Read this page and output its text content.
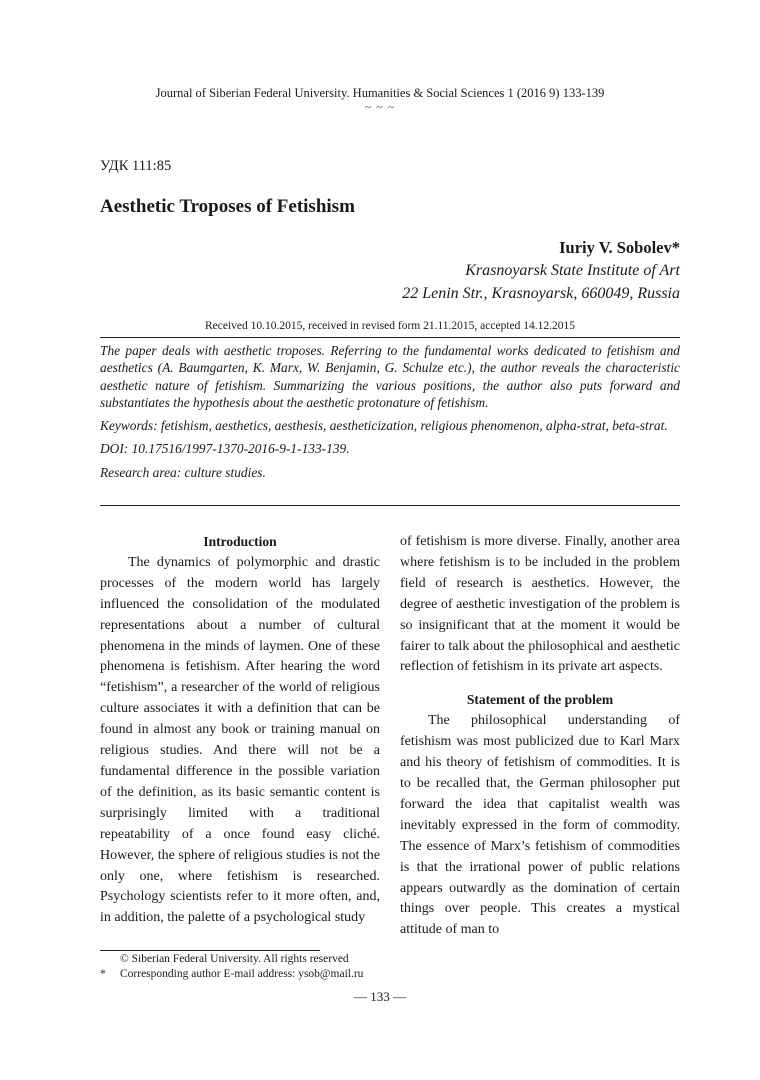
Journal of Siberian Federal University. Humanities & Social Sciences 1 (2016 9) 133-139
~ ~ ~
УДК 111:85
Aesthetic Troposes of Fetishism
Iuriy V. Sobolev*
Krasnoyarsk State Institute of Art
22 Lenin Str., Krasnoyarsk, 660049, Russia
Received 10.10.2015, received in revised form 21.11.2015, accepted 14.12.2015

The paper deals with aesthetic troposes. Referring to the fundamental works dedicated to fetishism and aesthetics (A. Baumgarten, K. Marx, W. Benjamin, G. Schulze etc.), the author reveals the characteristic aesthetic nature of fetishism. Summarizing the various positions, the author also puts forward and substantiates the hypothesis about the aesthetic protonature of fetishism.

Keywords: fetishism, aesthetics, aesthesis, aestheticization, religious phenomenon, alpha-strat, beta-strat.

DOI: 10.17516/1997-1370-2016-9-1-133-139.

Research area: culture studies.

Introduction

The dynamics of polymorphic and drastic processes of the modern world has largely influenced the consolidation of the modulated representations about a number of cultural phenomena in the minds of laymen. One of these phenomena is fetishism. After hearing the word “fetishism”, a researcher of the world of religious culture associates it with a definition that can be found in almost any book or training manual on religious studies. And there will not be a fundamental difference in the possible variation of the definition, as its basic semantic content is surprisingly limited with a traditional repeatability of a once found easy cliché. However, the sphere of religious studies is not the only one, where fetishism is researched. Psychology scientists refer to it more often, and, in addition, the palette of a psychological study

of fetishism is more diverse. Finally, another area where fetishism is to be included in the problem field of research is aesthetics. However, the degree of aesthetic investigation of the problem is so insignificant that at the moment it would be fairer to talk about the philosophical and aesthetic reflection of fetishism in its private art aspects.

Statement of the problem

The philosophical understanding of fetishism was most publicized due to Karl Marx and his theory of fetishism of commodities. It is to be recalled that, the German philosopher put forward the idea that capitalist wealth was inevitably expressed in the form of commodity. The essence of Marx’s fetishism of commodities is that the irrational power of public relations appears outwardly as the domination of certain things over people. This creates a mystical attitude of man to

© Siberian Federal University. All rights reserved
*	Corresponding author E-mail address: ysob@mail.ru
— 133 —
